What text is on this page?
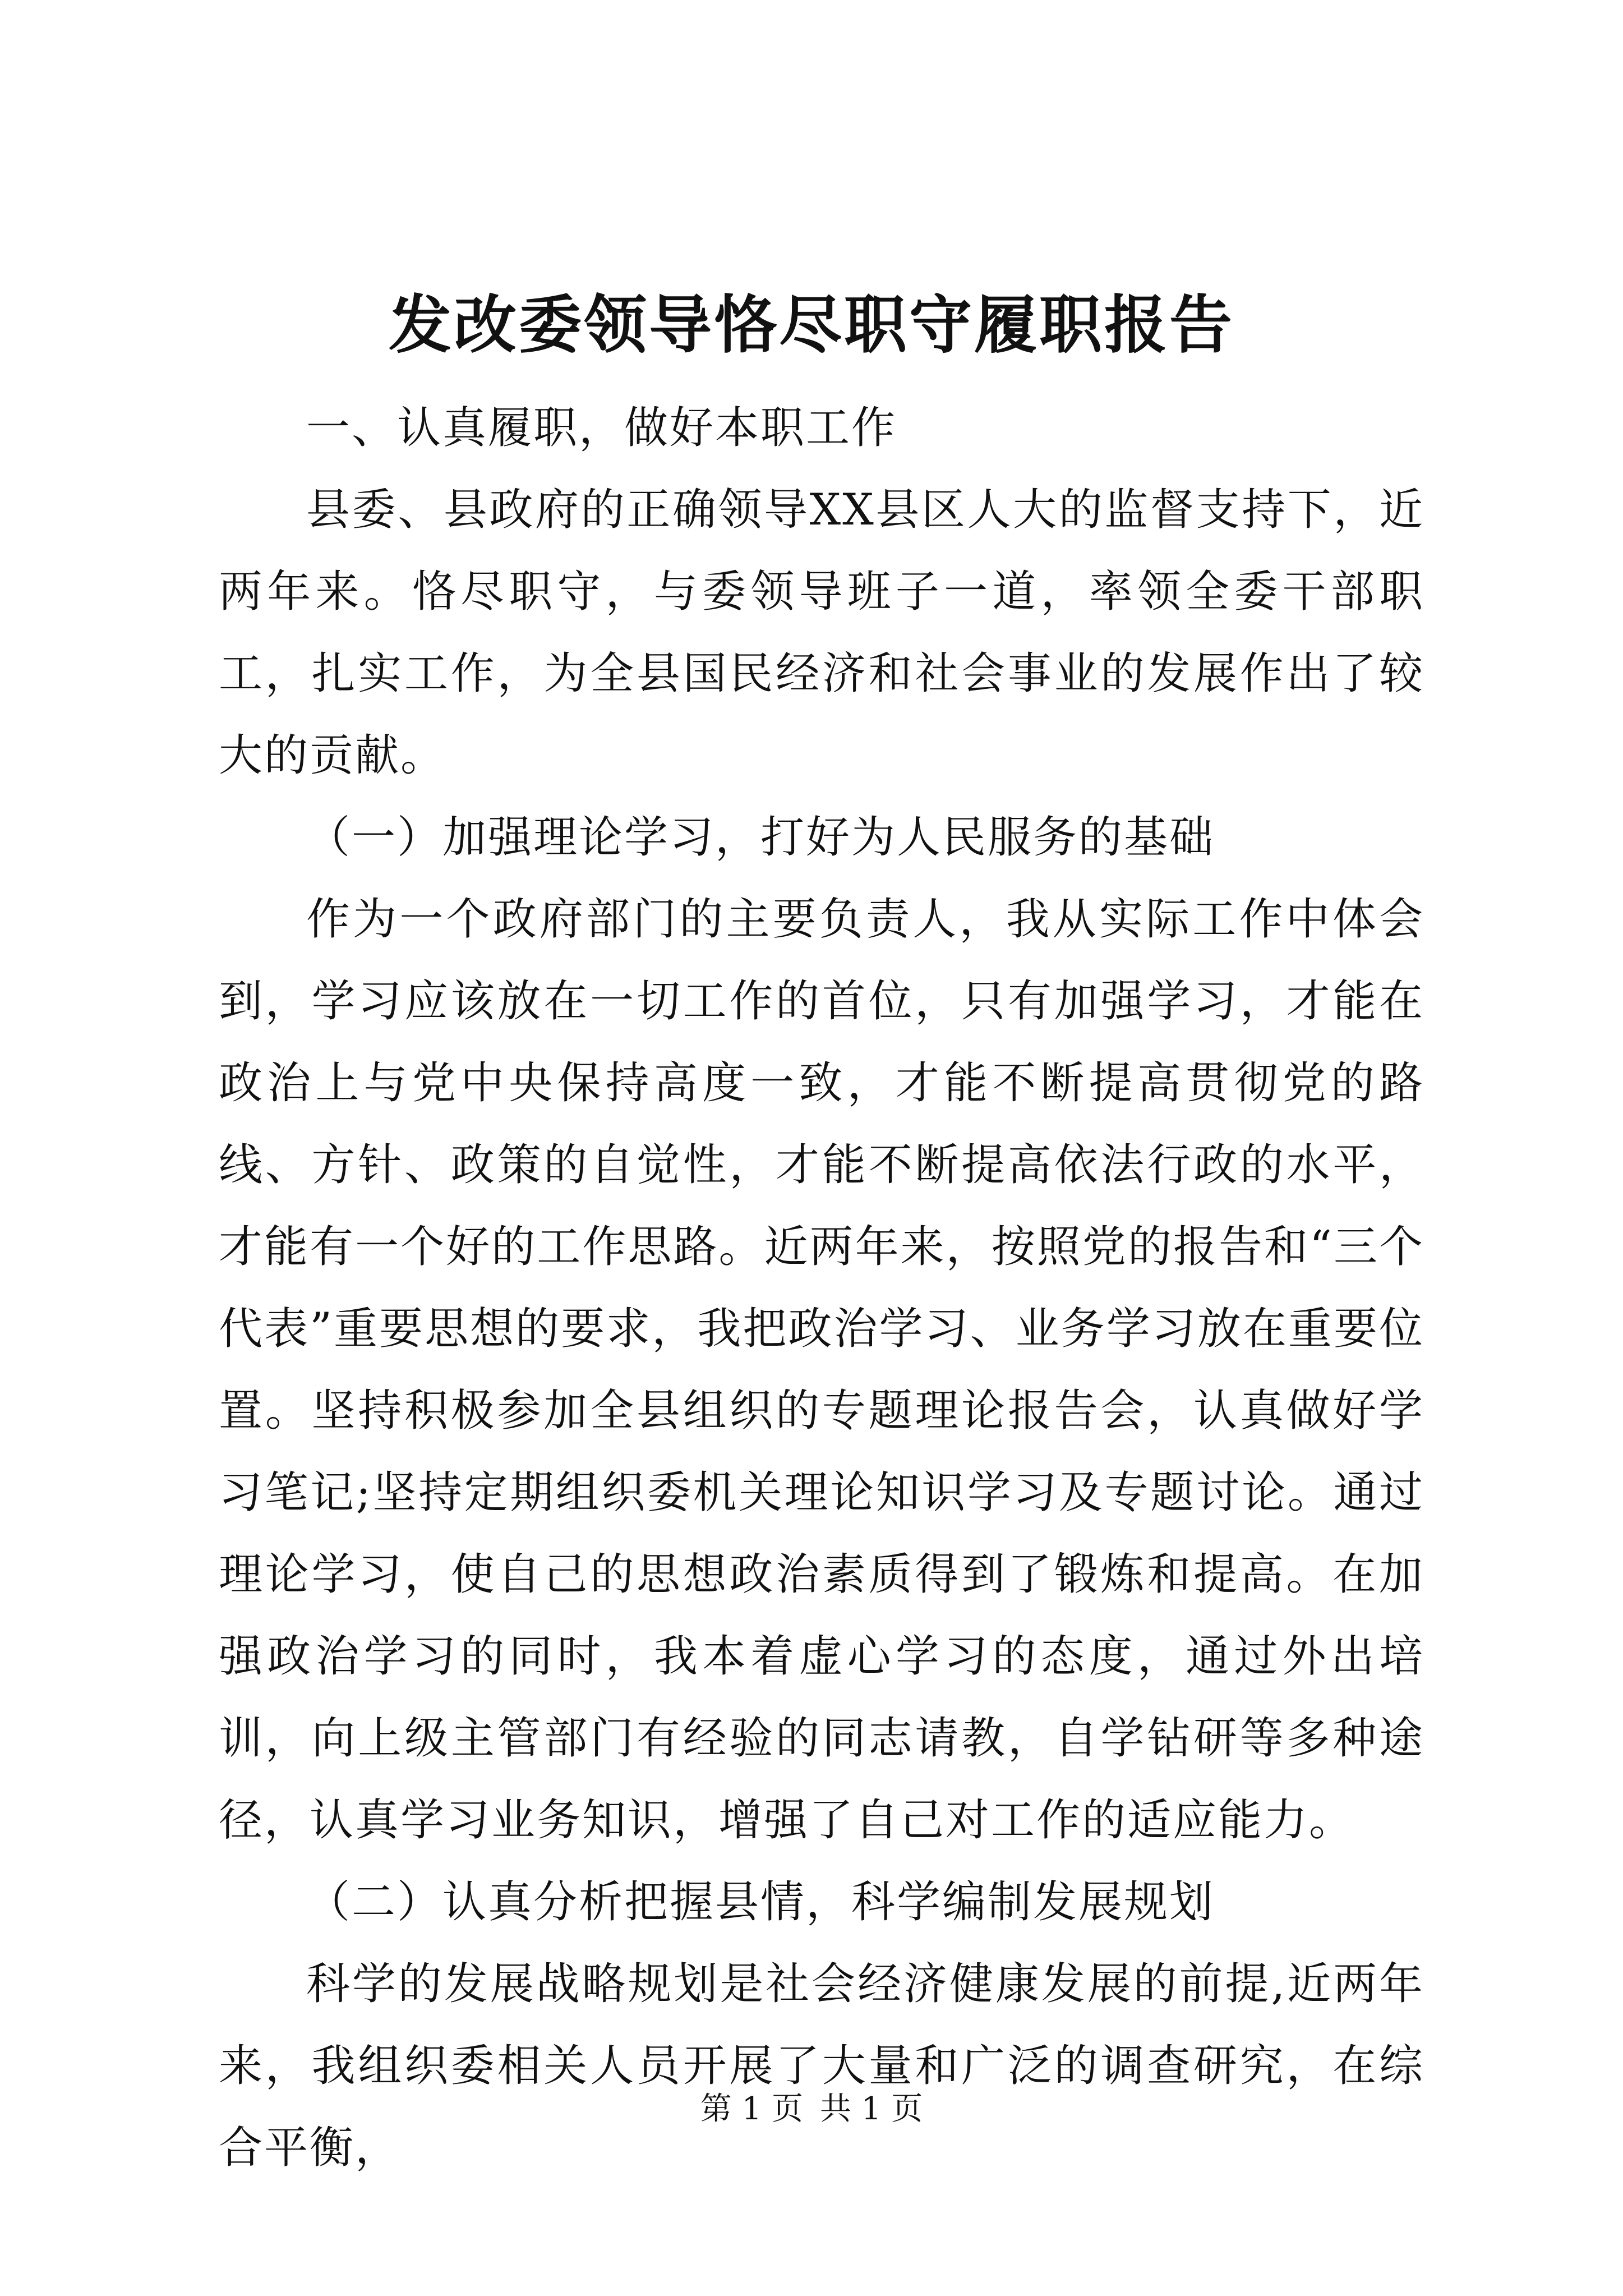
发改委领导恪尽职守履职报告

一、认真履职，做好本职工作

县委、县政府的正确领导XX县区人大的监督支持下，近两年来。恪尽职守，与委领导班子一道，率领全委干部职工，扎实工作，为全县国民经济和社会事业的发展作出了较大的贡献。

（一）加强理论学习，打好为人民服务的基础

作为一个政府部门的主要负责人，我从实际工作中体会到，学习应该放在一切工作的首位，只有加强学习，才能在政治上与党中央保持高度一致，才能不断提高贯彻党的路线、方针、政策的自觉性，才能不断提高依法行政的水平，才能有一个好的工作思路。近两年来，按照党的报告和“三个代表”重要思想的要求，我把政治学习、业务学习放在重要位置。坚持积极参加全县组织的专题理论报告会，认真做好学习笔记;坚持定期组织委机关理论知识学习及专题讨论。通过理论学习，使自己的思想政治素质得到了锻炼和提高。在加强政治学习的同时，我本着虚心学习的态度，通过外出培训，向上级主管部门有经验的同志请教，自学钻研等多种途径，认真学习业务知识，增强了自己对工作的适应能力。

（二）认真分析把握县情，科学编制发展规划

科学的发展战略规划是社会经济健康发展的前提,近两年来，我组织委相关人员开展了大量和广泛的调查研究，在综合平衡，

第 1 页 共 1 页
